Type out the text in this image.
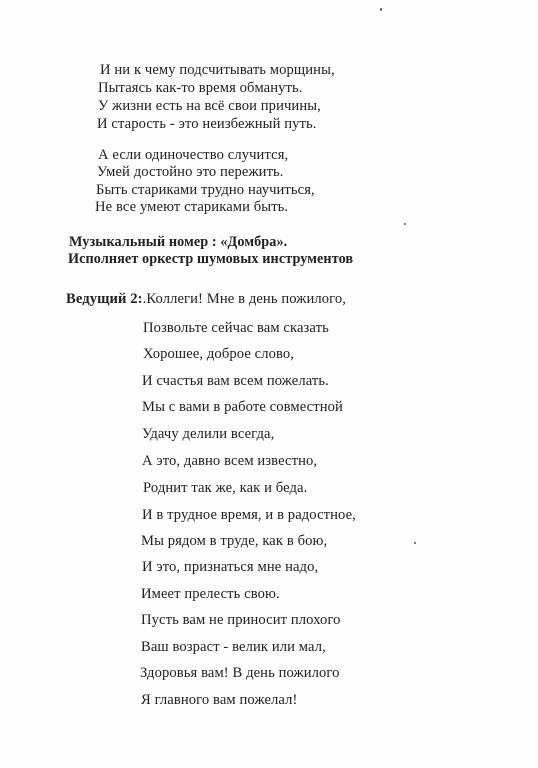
И ни к чему подсчитывать морщины,
Пытаясь как-то время обмануть.
У жизни есть на всё свои причины,
И старость - это неизбежный путь.
А если одиночество случится,
Умей достойно это пережить.
Быть стариками трудно научиться,
Не все умеют стариками быть.
Музыкальный номер : «Домбра».
Исполняет оркестр шумовых инструментов
Ведущий 2:.Коллеги! Мне в день пожилого,
Позвольте сейчас вам сказать
Хорошее, доброе слово,
И счастья вам всем пожелать.
Мы с вами в работе совместной
Удачу делили всегда,
А это, давно всем известно,
Роднит так же, как и беда.
И в трудное время, и в радостное,
Мы рядом в труде, как в бою,
И это, признаться мне надо,
Имеет прелесть свою.
Пусть вам не приносит плохого
Ваш возраст - велик или мал,
Здоровья вам! В день пожилого
Я главного вам пожелал!
